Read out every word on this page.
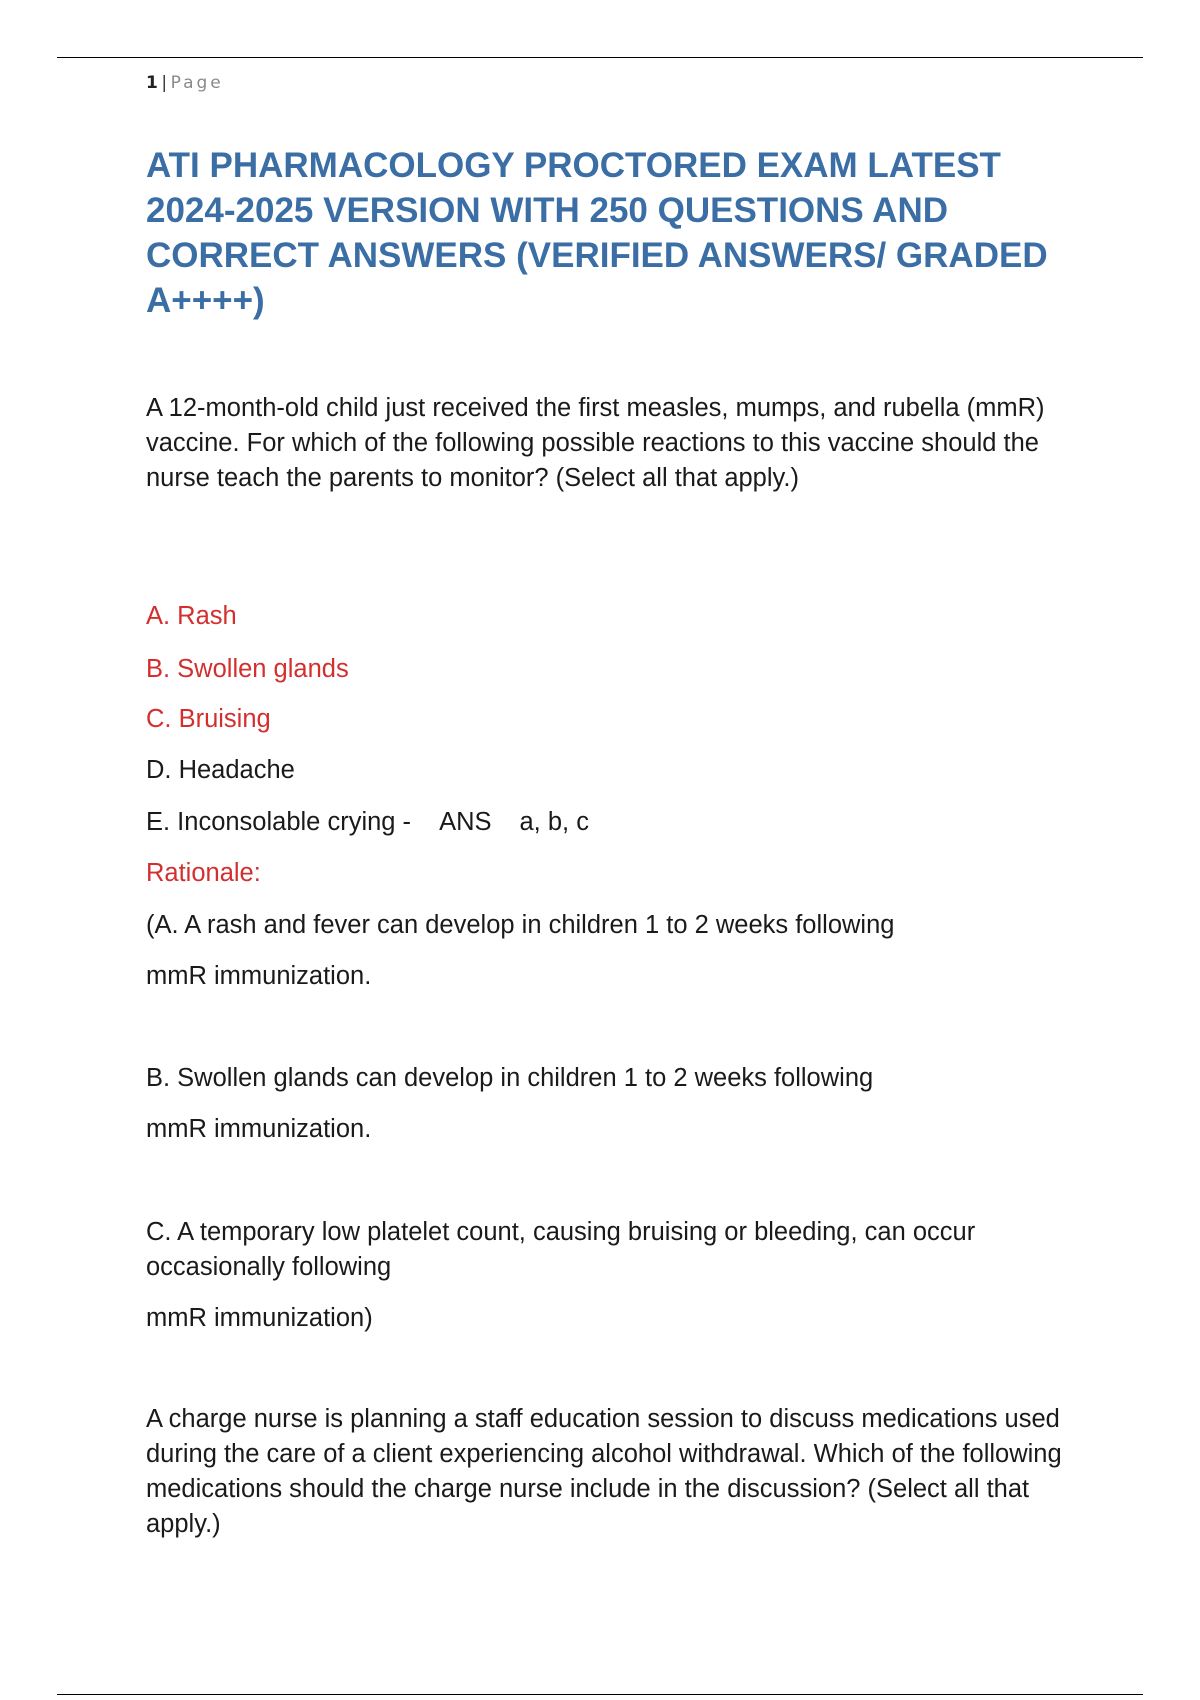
1 | Page
ATI PHARMACOLOGY PROCTORED EXAM LATEST 2024-2025 VERSION WITH 250 QUESTIONS AND CORRECT ANSWERS (VERIFIED ANSWERS/ GRADED A++++)

A 12-month-old child just received the first measles, mumps, and rubella (mmR) vaccine. For which of the following possible reactions to this vaccine should the nurse teach the parents to monitor? (Select all that apply.)

A. Rash

B. Swollen glands

C. Bruising

D. Headache

E. Inconsolable crying - ANS a, b, c

Rationale:

(A. A rash and fever can develop in children 1 to 2 weeks following

mmR immunization.

B. Swollen glands can develop in children 1 to 2 weeks following

mmR immunization.

C. A temporary low platelet count, causing bruising or bleeding, can occur occasionally following

mmR immunization)

A charge nurse is planning a staff education session to discuss medications used during the care of a client experiencing alcohol withdrawal. Which of the following medications should the charge nurse include in the discussion? (Select all that apply.)
